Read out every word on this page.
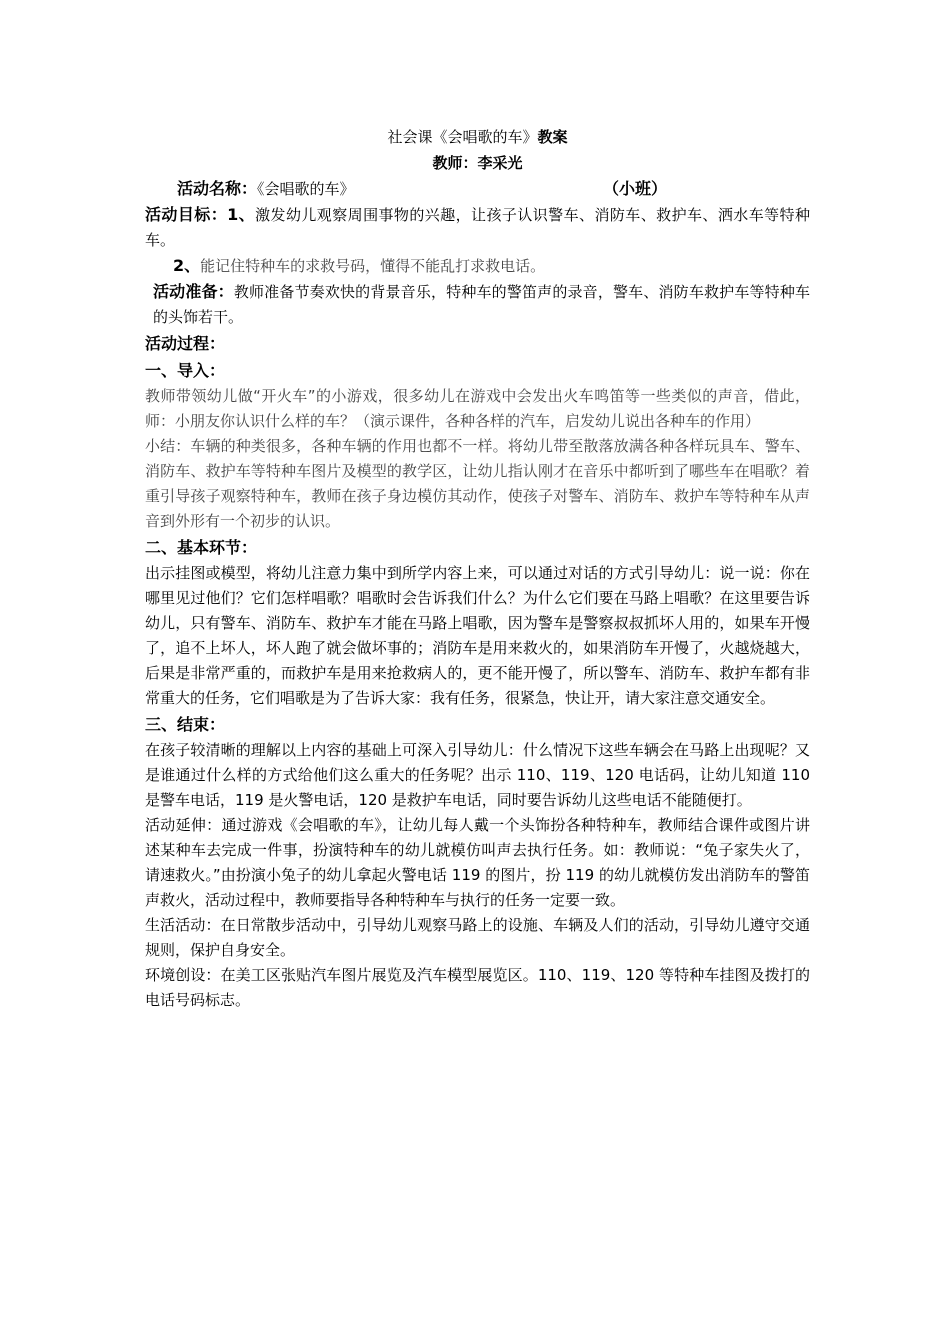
社会课《会唱歌的车》教案
教师：李采光
活动名称：《会唱歌的车》	（小班）

活动目标：1、激发幼儿观察周围事物的兴趣，让孩子认识警车、消防车、救护车、洒水车等特种车。

2、能记住特种车的求救号码，懂得不能乱打求救电话。

活动准备：教师准备节奏欢快的背景音乐，特种车的警笛声的录音，警车、消防车救护车等特种车的头饰若干。

活动过程：
一、导入：

教师带领幼儿做“开火车”的小游戏，很多幼儿在游戏中会发出火车鸣笛等一些类似的声音，借此，师：小朋友你认识什么样的车？（演示课件，各种各样的汽车，启发幼儿说出各种车的作用）

小结：车辆的种类很多，各种车辆的作用也都不一样。将幼儿带至散落放满各种各样玩具车、警车、消防车、救护车等特种车图片及模型的教学区，让幼儿指认刚才在音乐中都听到了哪些车在唱歌？着重引导孩子观察特种车，教师在孩子身边模仿其动作，使孩子对警车、消防车、救护车等特种车从声音到外形有一个初步的认识。

二、基本环节：

出示挂图或模型，将幼儿注意力集中到所学内容上来，可以通过对话的方式引导幼儿：说一说：你在哪里见过他们？它们怎样唱歌？唱歌时会告诉我们什么？为什么它们要在马路上唱歌？在这里要告诉幼儿，只有警车、消防车、救护车才能在马路上唱歌，因为警车是警察叔叔抓坏人用的，如果车开慢了，追不上坏人，坏人跑了就会做坏事的；消防车是用来救火的，如果消防车开慢了，火越烧越大，后果是非常严重的，而救护车是用来抢救病人的，更不能开慢了，所以警车、消防车、救护车都有非常重大的任务，它们唱歌是为了告诉大家：我有任务，很紧急，快让开，请大家注意交通安全。

三、结束：

在孩子较清晰的理解以上内容的基础上可深入引导幼儿：什么情况下这些车辆会在马路上出现呢？又是谁通过什么样的方式给他们这么重大的任务呢？出示 110、119、120 电话码，让幼儿知道 110 是警车电话，119 是火警电话，120 是救护车电话，同时要告诉幼儿这些电话不能随便打。

活动延伸：通过游戏《会唱歌的车》，让幼儿每人戴一个头饰扮各种特种车，教师结合课件或图片讲述某种车去完成一件事，扮演特种车的幼儿就模仿叫声去执行任务。如：教师说：“兔子家失火了，请速救火。”由扮演小兔子的幼儿拿起火警电话 119 的图片，扮 119 的幼儿就模仿发出消防车的警笛声救火，活动过程中，教师要指导各种特种车与执行的任务一定要一致。

生活活动：在日常散步活动中，引导幼儿观察马路上的设施、车辆及人们的活动，引导幼儿遵守交通规则，保护自身安全。

环境创设：在美工区张贴汽车图片展览及汽车模型展览区。110、119、120 等特种车挂图及拨打的电话号码标志。
